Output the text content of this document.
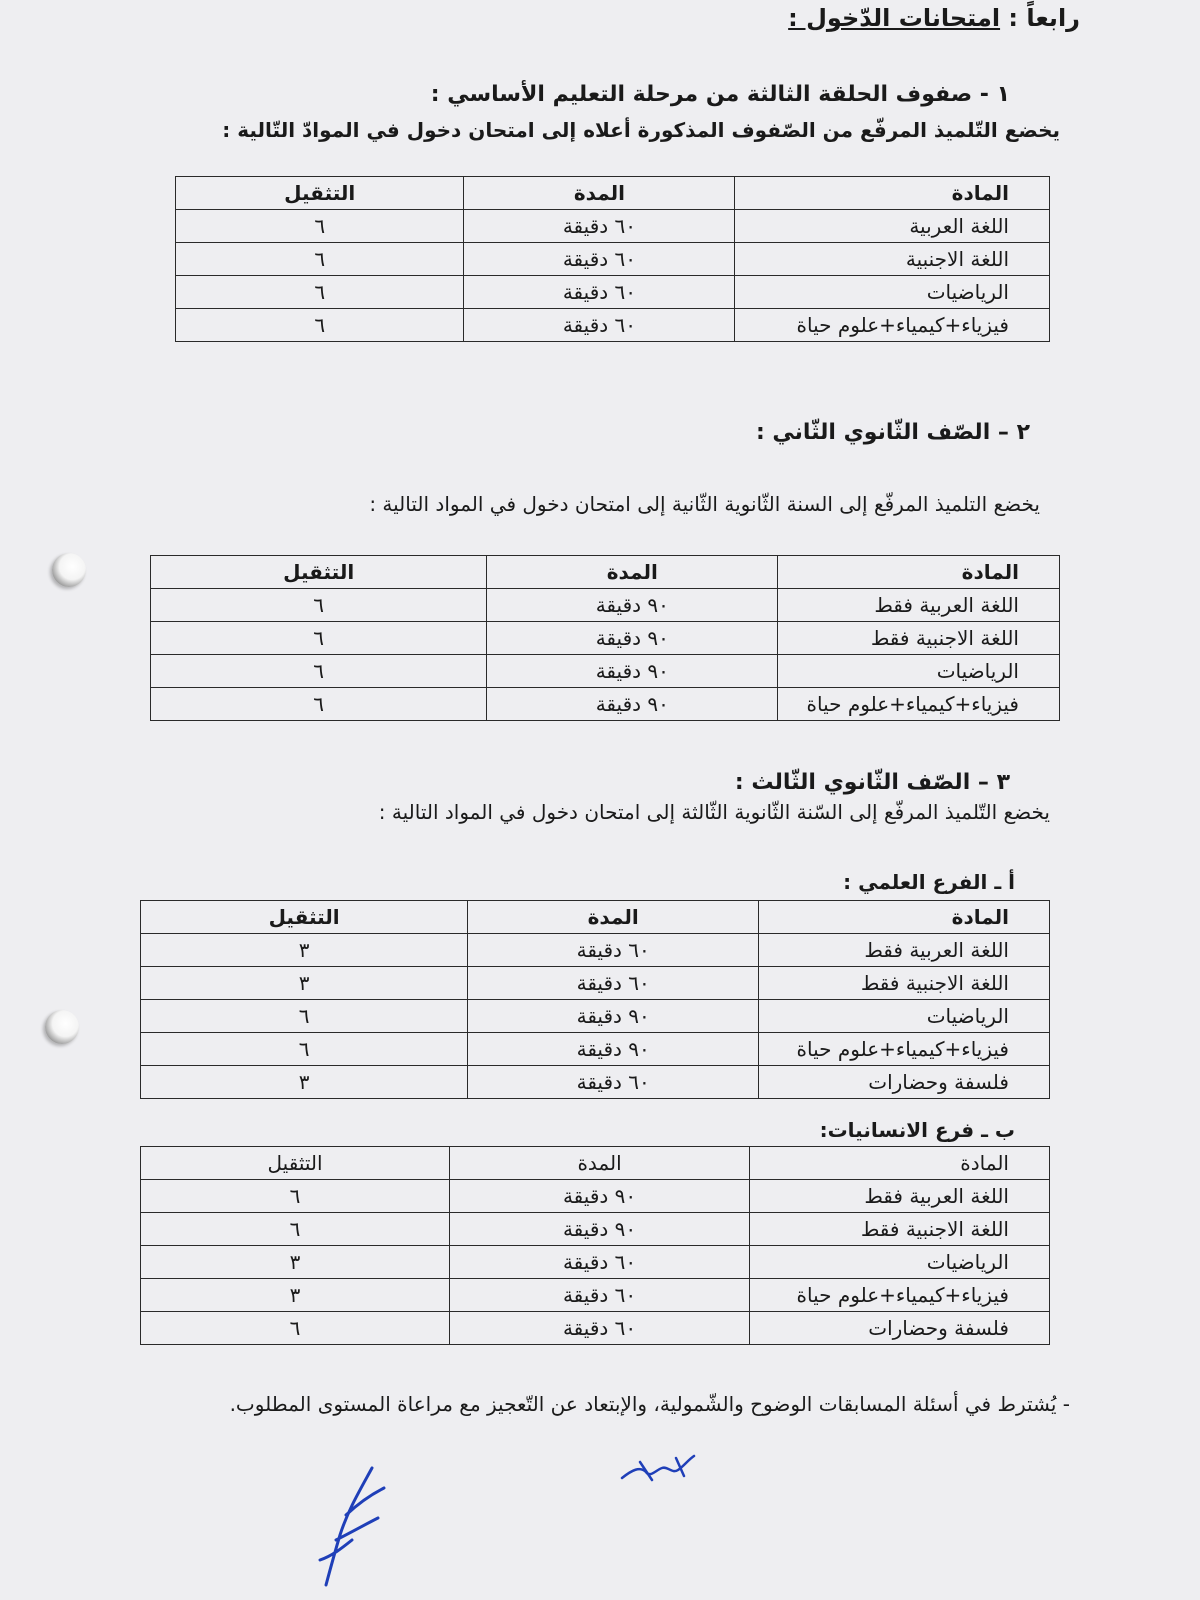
رابعاً : امتحانات الدّخول :
١ - صفوف الحلقة الثالثة من مرحلة التعليم الأساسي :
يخضع التّلميذ المرفّع من الصّفوف المذكورة أعلاه إلى امتحان دخول في الموادّ التّالية :
المادة	المدة	التثقيل
اللغة العربية	٦٠ دقيقة	٦
اللغة الاجنبية	٦٠ دقيقة	٦
الرياضيات	٦٠ دقيقة	٦
فيزياء+كيمياء+علوم حياة	٦٠ دقيقة	٦
٢ – الصّف الثّانوي الثّاني :
يخضع التلميذ المرفّع إلى السنة الثّانوية الثّانية إلى امتحان دخول في المواد التالية :
المادة	المدة	التثقيل
اللغة العربية فقط	٩٠ دقيقة	٦
اللغة الاجنبية فقط	٩٠ دقيقة	٦
الرياضيات	٩٠ دقيقة	٦
فيزياء+كيمياء+علوم حياة	٩٠ دقيقة	٦
٣ – الصّف الثّانوي الثّالث :
يخضع التّلميذ المرفّع إلى السّنة الثّانوية الثّالثة إلى امتحان دخول في المواد التالية :
أ ـ الفرع العلمي :
المادة	المدة	التثقيل
اللغة العربية فقط	٦٠ دقيقة	٣
اللغة الاجنبية فقط	٦٠ دقيقة	٣
الرياضيات	٩٠ دقيقة	٦
فيزياء+كيمياء+علوم حياة	٩٠ دقيقة	٦
فلسفة وحضارات	٦٠ دقيقة	٣
ب ـ فرع الانسانيات:
المادة	المدة	التثقيل
اللغة العربية فقط	٩٠ دقيقة	٦
اللغة الاجنبية فقط	٩٠ دقيقة	٦
الرياضيات	٦٠ دقيقة	٣
فيزياء+كيمياء+علوم حياة	٦٠ دقيقة	٣
فلسفة وحضارات	٦٠ دقيقة	٦
- يُشترط في أسئلة المسابقات الوضوح والشّمولية، والإبتعاد عن التّعجيز مع مراعاة المستوى المطلوب.
